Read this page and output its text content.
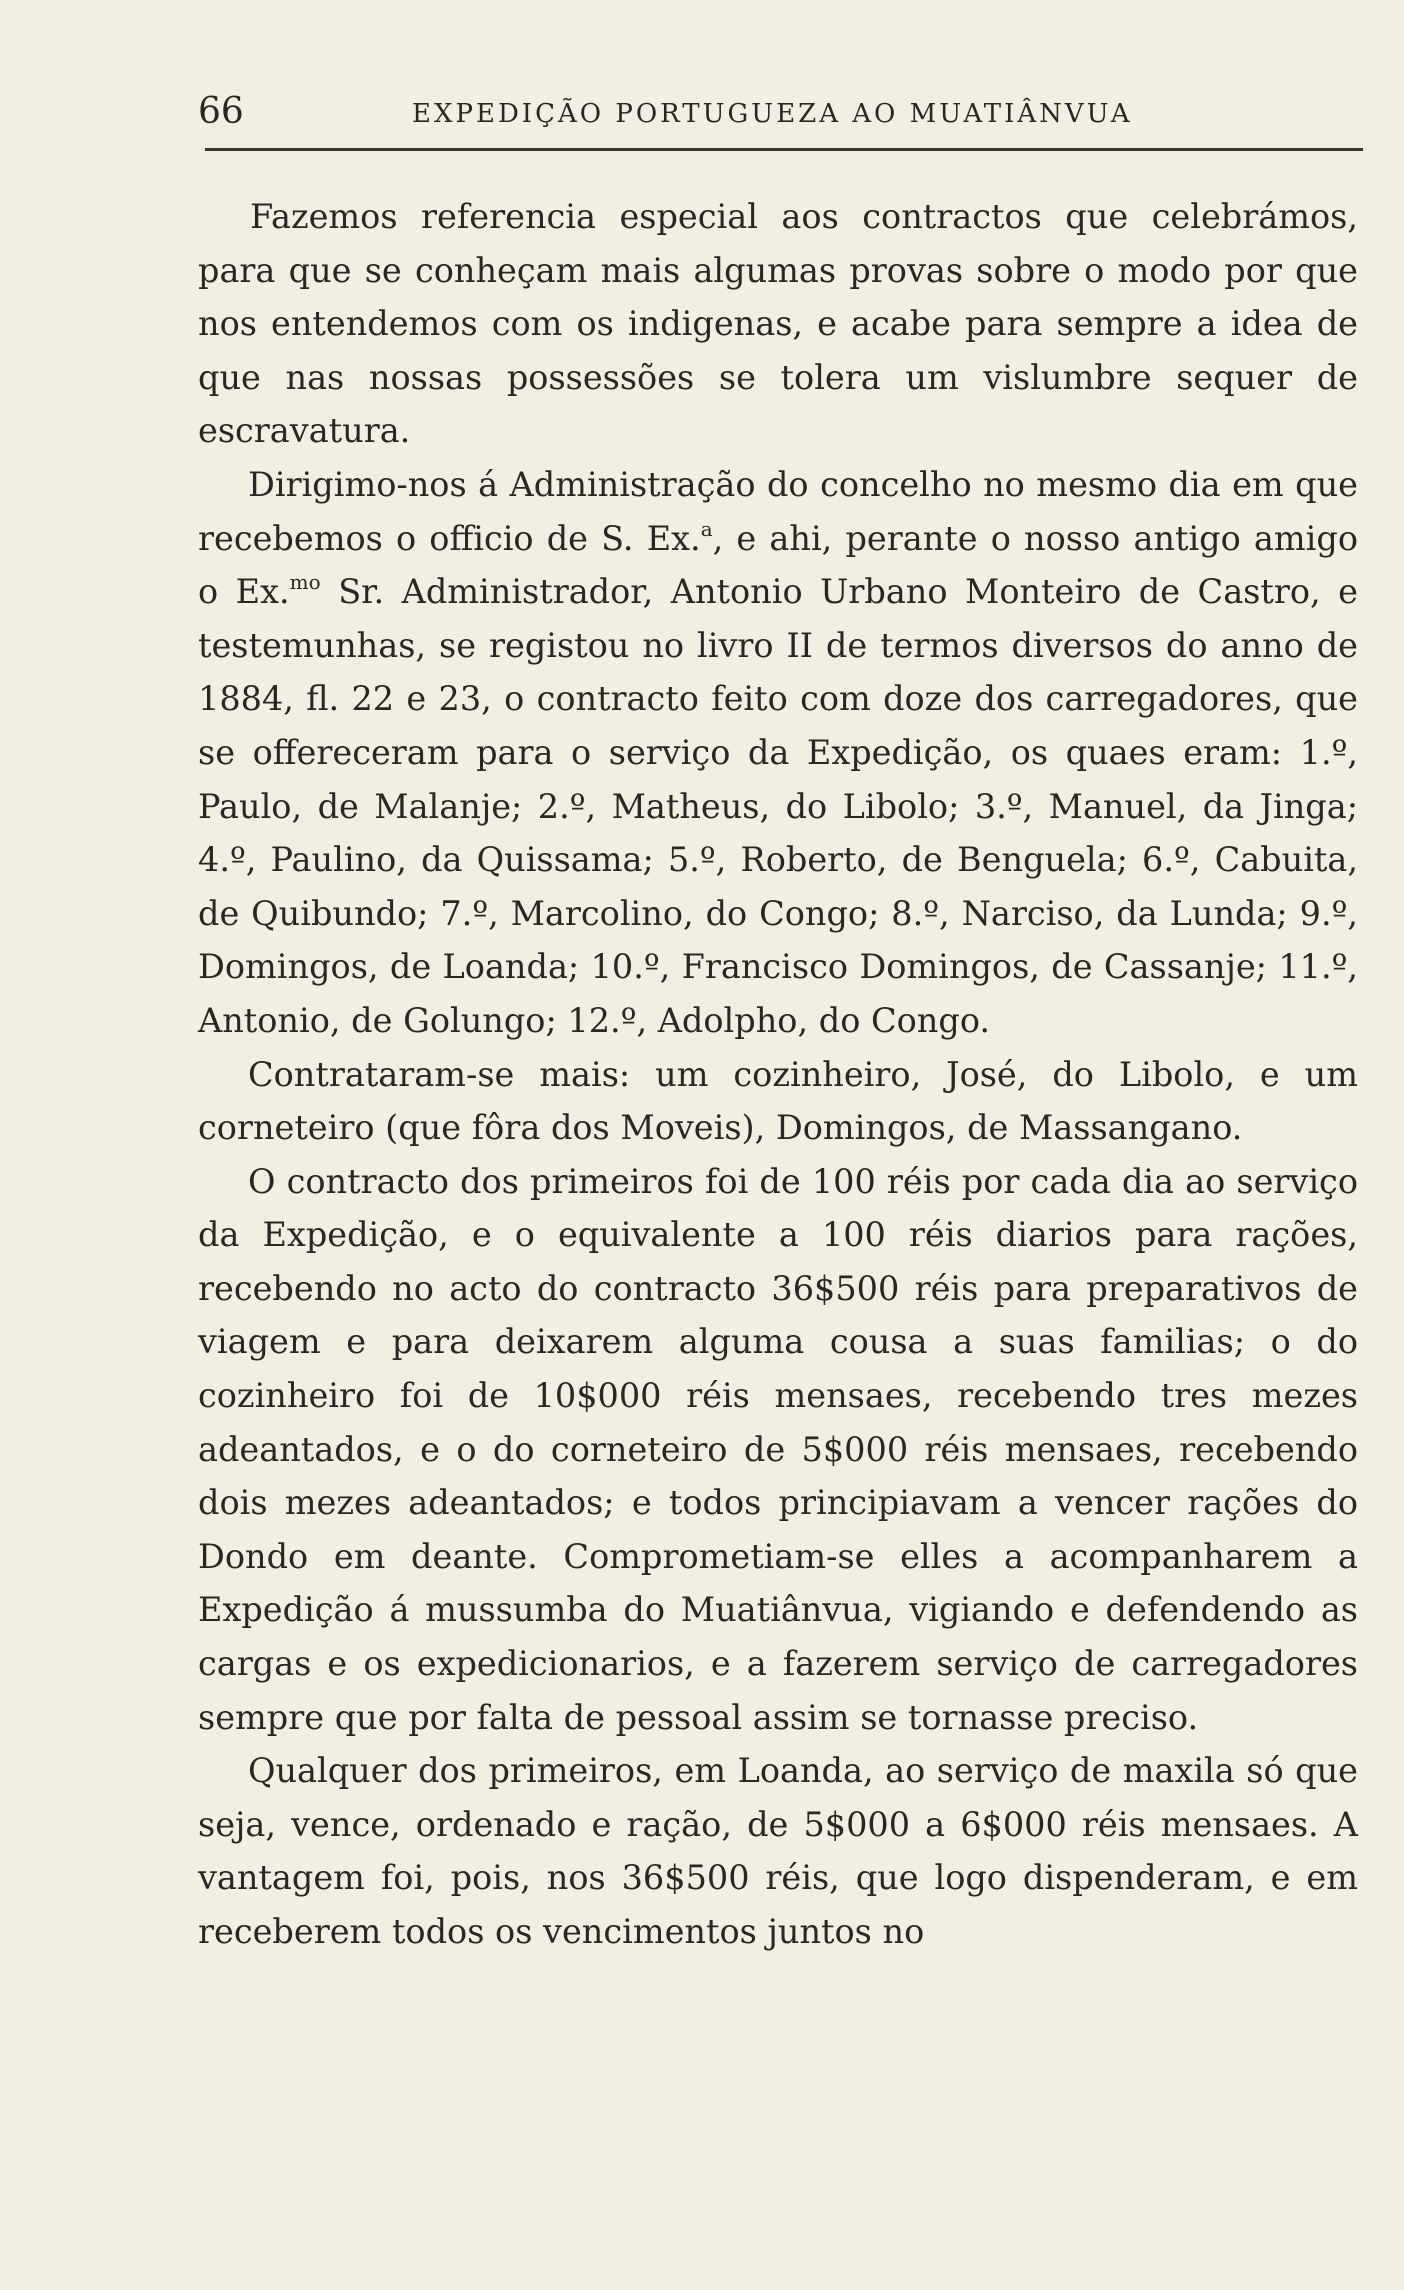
66	EXPEDIÇÃO PORTUGUEZA AO MUATIÂNVUA

Fazemos referencia especial aos contractos que celebrámos, para que se conheçam mais algumas provas sobre o modo por que nos entendemos com os indigenas, e acabe para sempre a idea de que nas nossas possessões se tolera um vislumbre sequer de escravatura.

Dirigimo-nos á Administração do concelho no mesmo dia em que recebemos o officio de S. Ex.$^a$, e ahi, perante o nosso antigo amigo o Ex.$^{mo}$ Sr. Administrador, Antonio Urbano Monteiro de Castro, e testemunhas, se registou no livro II de termos diversos do anno de 1884, fl. 22 e 23, o contracto feito com doze dos carregadores, que se offereceram para o serviço da Expedição, os quaes eram: 1.º, Paulo, de Malanje; 2.º, Matheus, do Libolo; 3.º, Manuel, da Jinga; 4.º, Paulino, da Quissama; 5.º, Roberto, de Benguela; 6.º, Cabuita, de Quibundo; 7.º, Marcolino, do Congo; 8.º, Narciso, da Lunda; 9.º, Domingos, de Loanda; 10.º, Francisco Domingos, de Cassanje; 11.º, Antonio, de Golungo; 12.º, Adolpho, do Congo.

Contrataram-se mais: um cozinheiro, José, do Libolo, e um corneteiro (que fôra dos Moveis), Domingos, de Massangano.

O contracto dos primeiros foi de 100 réis por cada dia ao serviço da Expedição, e o equivalente a 100 réis diarios para rações, recebendo no acto do contracto 36$500 réis para preparativos de viagem e para deixarem alguma cousa a suas familias; o do cozinheiro foi de 10$000 réis mensaes, recebendo tres mezes adeantados, e o do corneteiro de 5$000 réis mensaes, recebendo dois mezes adeantados; e todos principiavam a vencer rações do Dondo em deante. Comprometiam-se elles a acompanharem a Expedição á mussumba do Muatiânvua, vigiando e defendendo as cargas e os expedicionarios, e a fazerem serviço de carregadores sempre que por falta de pessoal assim se tornasse preciso.

Qualquer dos primeiros, em Loanda, ao serviço de maxila só que seja, vence, ordenado e ração, de 5$000 a 6$000 réis mensaes. A vantagem foi, pois, nos 36$500 réis, que logo dispenderam, e em receberem todos os vencimentos juntos no
